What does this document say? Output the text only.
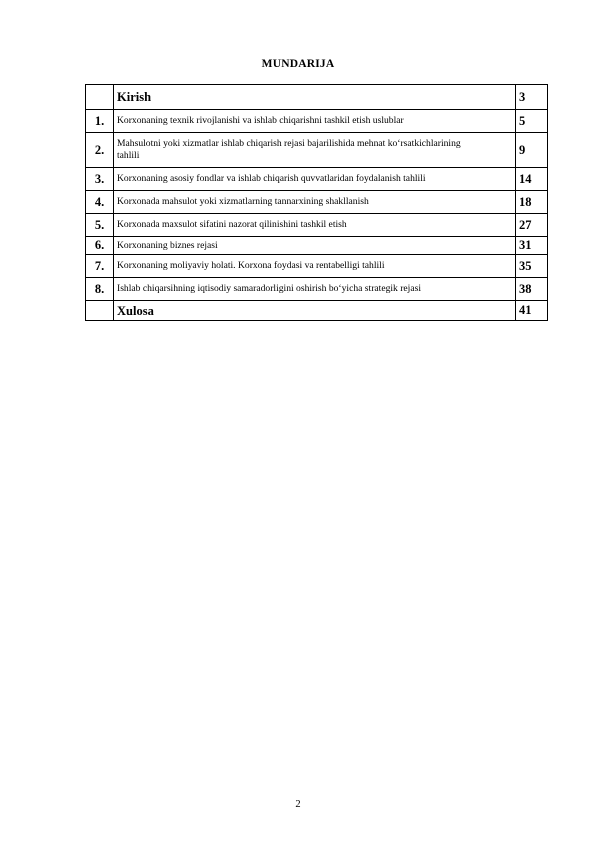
MUNDARIJA
	Kirish	3
1.	Korxonaning texnik rivojlanishi va ishlab chiqarishni tashkil etish uslublar	5
2.	Mahsulotni yoki xizmatlar ishlab chiqarish rejasi bajarilishida mehnat ko‘rsatkichlarining tahlili	9
3.	Korxonaning asosiy fondlar va ishlab chiqarish quvvatlaridan foydalanish tahlili	14
4.	Korxonada mahsulot yoki xizmatlarning tannarxining shakllanish	18
5.	Korxonada maxsulot sifatini nazorat qilinishini tashkil etish	27
6.	Korxonaning biznes rejasi	31
7.	Korxonaning moliyaviy holati. Korxona foydasi va rentabelligi tahlili	35
8.	Ishlab chiqarsihning iqtisodiy samaradorligini oshirish bo‘yicha strategik rejasi	38
	Xulosa	41
2
